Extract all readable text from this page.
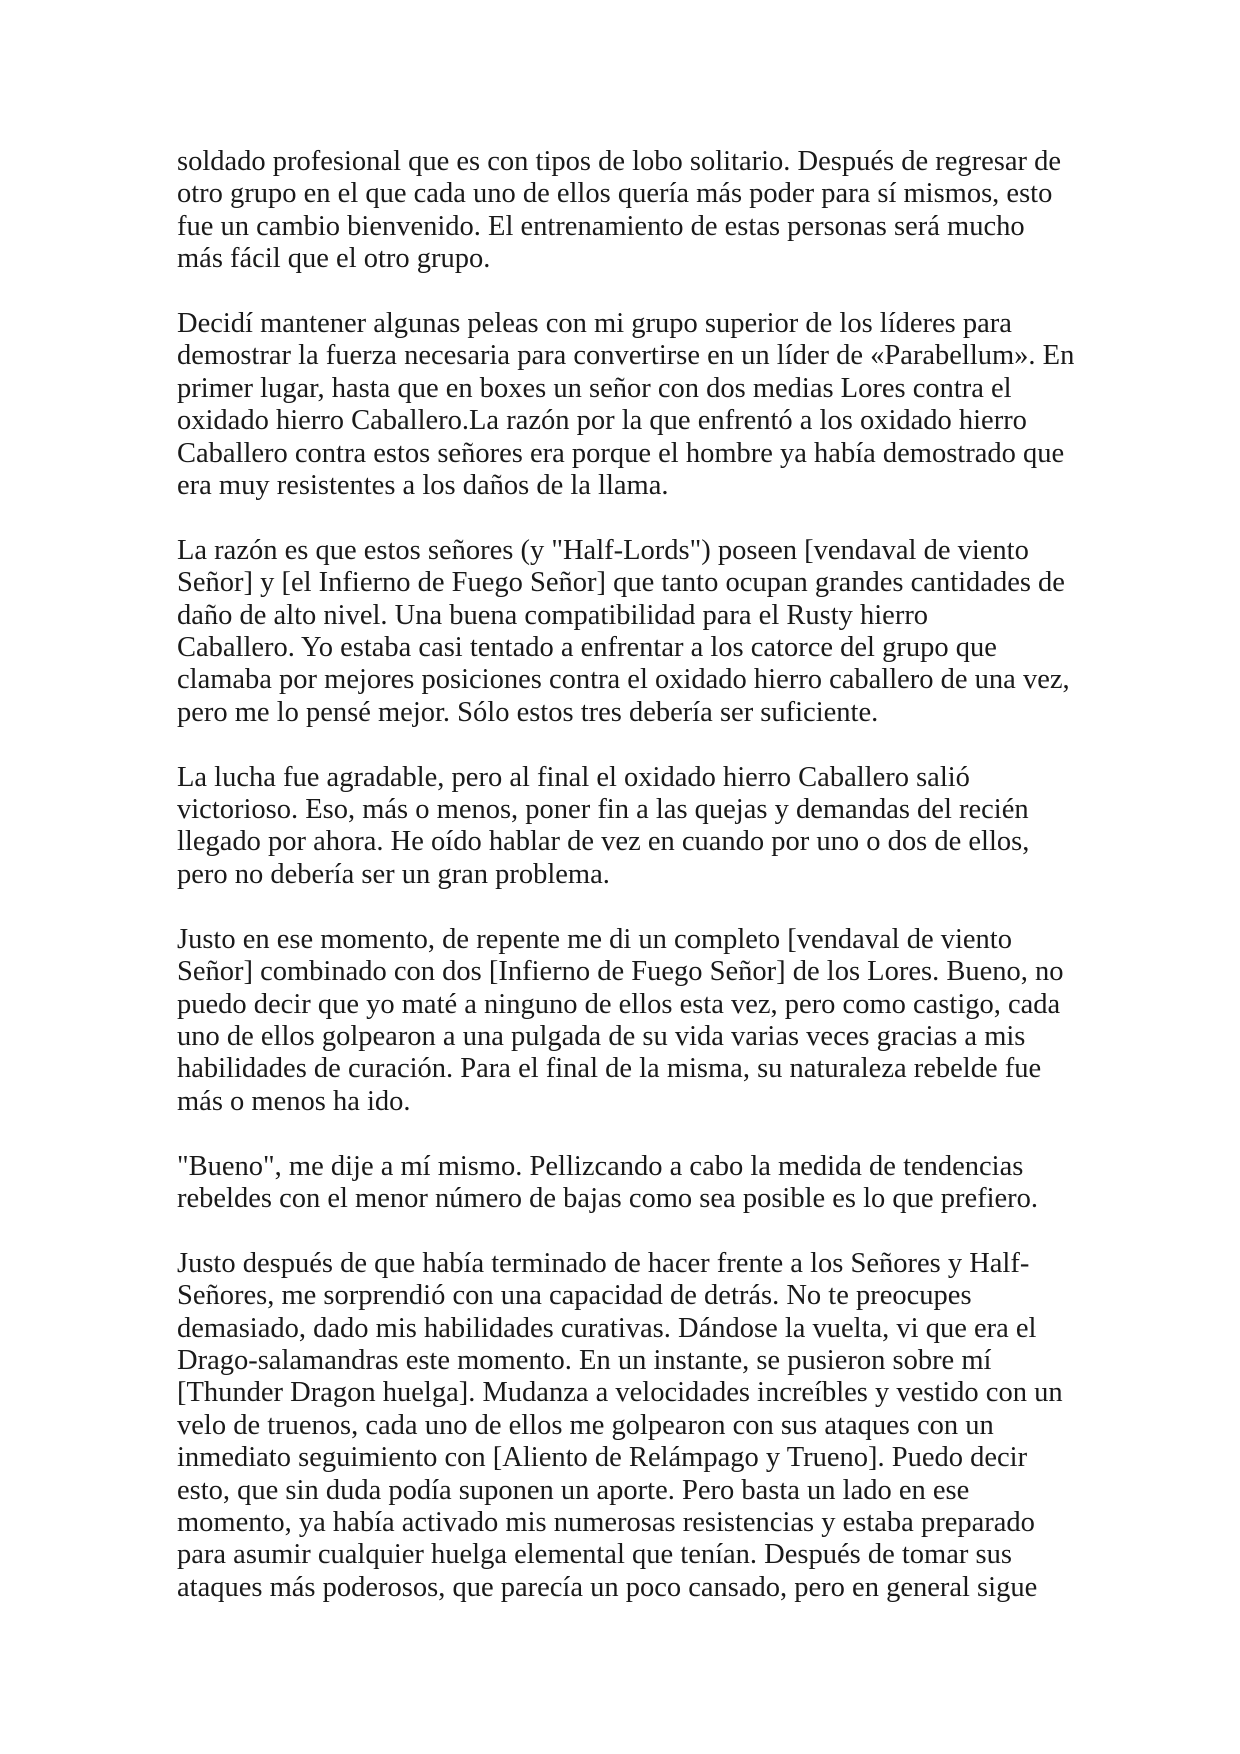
soldado profesional que es con tipos de lobo solitario. Después de regresar de
otro grupo en el que cada uno de ellos quería más poder para sí mismos, esto
fue un cambio bienvenido. El entrenamiento de estas personas será mucho
más fácil que el otro grupo.

Decidí mantener algunas peleas con mi grupo superior de los líderes para
demostrar la fuerza necesaria para convertirse en un líder de «Parabellum». En
primer lugar, hasta que en boxes un señor con dos medias Lores contra el
oxidado hierro Caballero.La razón por la que enfrentó a los oxidado hierro
Caballero contra estos señores era porque el hombre ya había demostrado que
era muy resistentes a los daños de la llama.

La razón es que estos señores (y "Half-Lords") poseen [vendaval de viento
Señor] y [el Infierno de Fuego Señor] que tanto ocupan grandes cantidades de
daño de alto nivel. Una buena compatibilidad para el Rusty hierro
Caballero. Yo estaba casi tentado a enfrentar a los catorce del grupo que
clamaba por mejores posiciones contra el oxidado hierro caballero de una vez,
pero me lo pensé mejor. Sólo estos tres debería ser suficiente.

La lucha fue agradable, pero al final el oxidado hierro Caballero salió
victorioso. Eso, más o menos, poner fin a las quejas y demandas del recién
llegado por ahora. He oído hablar de vez en cuando por uno o dos de ellos,
pero no debería ser un gran problema.

Justo en ese momento, de repente me di un completo [vendaval de viento
Señor] combinado con dos [Infierno de Fuego Señor] de los Lores. Bueno, no
puedo decir que yo maté a ninguno de ellos esta vez, pero como castigo, cada
uno de ellos golpearon a una pulgada de su vida varias veces gracias a mis
habilidades de curación. Para el final de la misma, su naturaleza rebelde fue
más o menos ha ido.

"Bueno", me dije a mí mismo. Pellizcando a cabo la medida de tendencias
rebeldes con el menor número de bajas como sea posible es lo que prefiero.

Justo después de que había terminado de hacer frente a los Señores y Half-
Señores, me sorprendió con una capacidad de detrás. No te preocupes
demasiado, dado mis habilidades curativas. Dándose la vuelta, vi que era el
Drago-salamandras este momento. En un instante, se pusieron sobre mí
[Thunder Dragon huelga]. Mudanza a velocidades increíbles y vestido con un
velo de truenos, cada uno de ellos me golpearon con sus ataques con un
inmediato seguimiento con [Aliento de Relámpago y Trueno]. Puedo decir
esto, que sin duda podía suponen un aporte. Pero basta un lado en ese
momento, ya había activado mis numerosas resistencias y estaba preparado
para asumir cualquier huelga elemental que tenían. Después de tomar sus
ataques más poderosos, que parecía un poco cansado, pero en general sigue
